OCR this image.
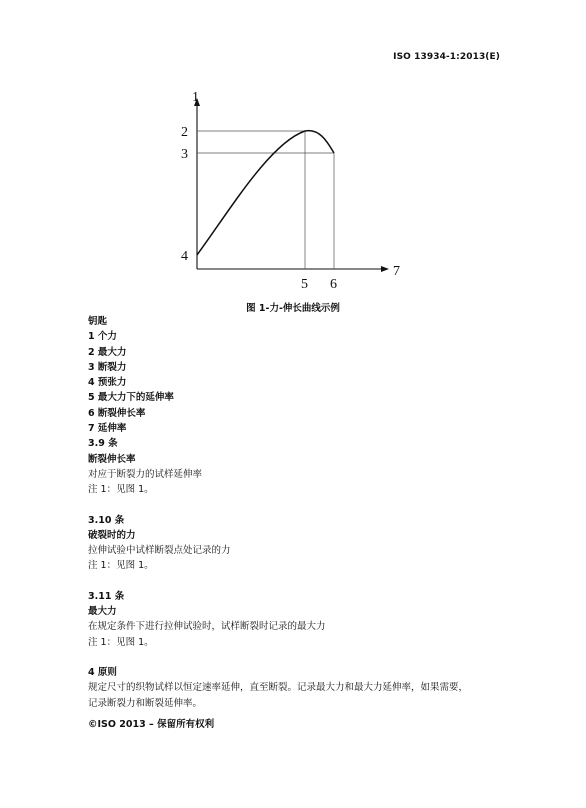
ISO 13934-1:2013(E)
1
2
3
4
5 6
7
图 1-力-伸长曲线示例
钥匙
1 个力
2 最大力
3 断裂力
4 预张力
5 最大力下的延伸率
6 断裂伸长率
7 延伸率
3.9 条
断裂伸长率
对应于断裂力的试样延伸率
注 1：见图 1。
3.10 条
破裂时的力
拉伸试验中试样断裂点处记录的力
注 1：见图 1。
3.11 条
最大力
在规定条件下进行拉伸试验时，试样断裂时记录的最大力
注 1：见图 1。
4 原则
规定尺寸的织物试样以恒定速率延伸，直至断裂。记录最大力和最大力延伸率，如果需要，
记录断裂力和断裂延伸率。
©ISO 2013 – 保留所有权利
